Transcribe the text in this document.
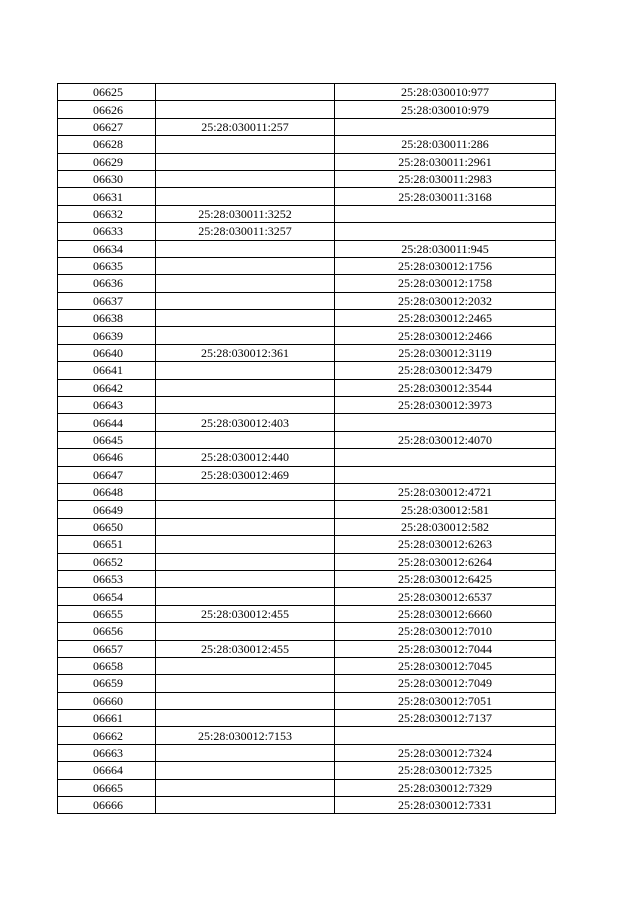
06625		25:28:030010:977
06626		25:28:030010:979
06627	25:28:030011:257	
06628		25:28:030011:286
06629		25:28:030011:2961
06630		25:28:030011:2983
06631		25:28:030011:3168
06632	25:28:030011:3252	
06633	25:28:030011:3257	
06634		25:28:030011:945
06635		25:28:030012:1756
06636		25:28:030012:1758
06637		25:28:030012:2032
06638		25:28:030012:2465
06639		25:28:030012:2466
06640	25:28:030012:361	25:28:030012:3119
06641		25:28:030012:3479
06642		25:28:030012:3544
06643		25:28:030012:3973
06644	25:28:030012:403	
06645		25:28:030012:4070
06646	25:28:030012:440	
06647	25:28:030012:469	
06648		25:28:030012:4721
06649		25:28:030012:581
06650		25:28:030012:582
06651		25:28:030012:6263
06652		25:28:030012:6264
06653		25:28:030012:6425
06654		25:28:030012:6537
06655	25:28:030012:455	25:28:030012:6660
06656		25:28:030012:7010
06657	25:28:030012:455	25:28:030012:7044
06658		25:28:030012:7045
06659		25:28:030012:7049
06660		25:28:030012:7051
06661		25:28:030012:7137
06662	25:28:030012:7153	
06663		25:28:030012:7324
06664		25:28:030012:7325
06665		25:28:030012:7329
06666		25:28:030012:7331
